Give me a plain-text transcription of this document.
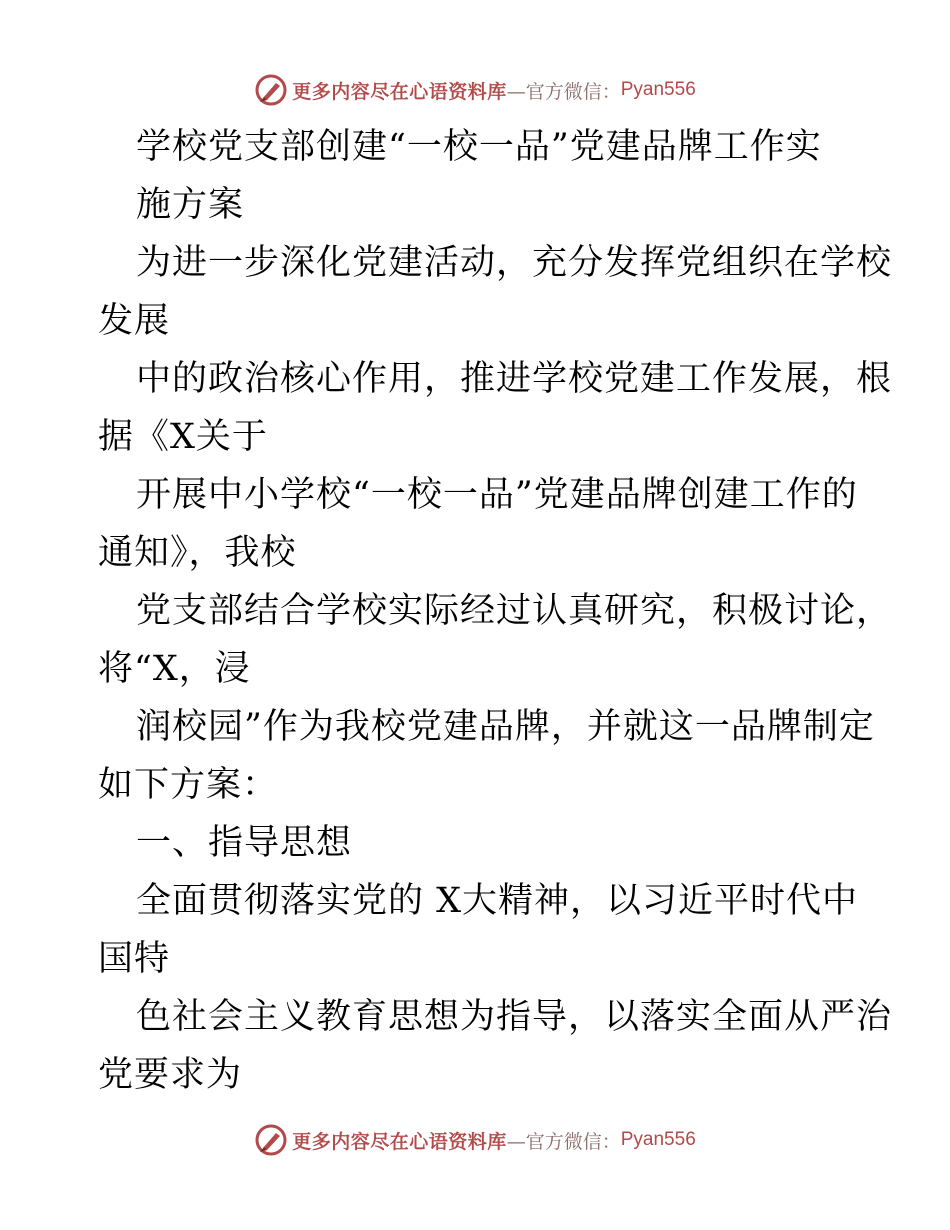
更多内容尽在心语资料库 —官方微信： Pyan556
学校党支部创建“一校一品”党建品牌工作实
施方案
为进一步深化党建活动，充分发挥党组织在学校
发展
中的政治核心作用，推进学校党建工作发展，根
据《X关于
开展中小学校“一校一品”党建品牌创建工作的
通知》，我校
党支部结合学校实际经过认真研究，积极讨论，
将“X，浸
润校园”作为我校党建品牌，并就这一品牌制定
如下方案：
一、指导思想
全面贯彻落实党的 X大精神，以习近平时代中
国特
色社会主义教育思想为指导，以落实全面从严治
党要求为
更多内容尽在心语资料库 —官方微信： Pyan556
